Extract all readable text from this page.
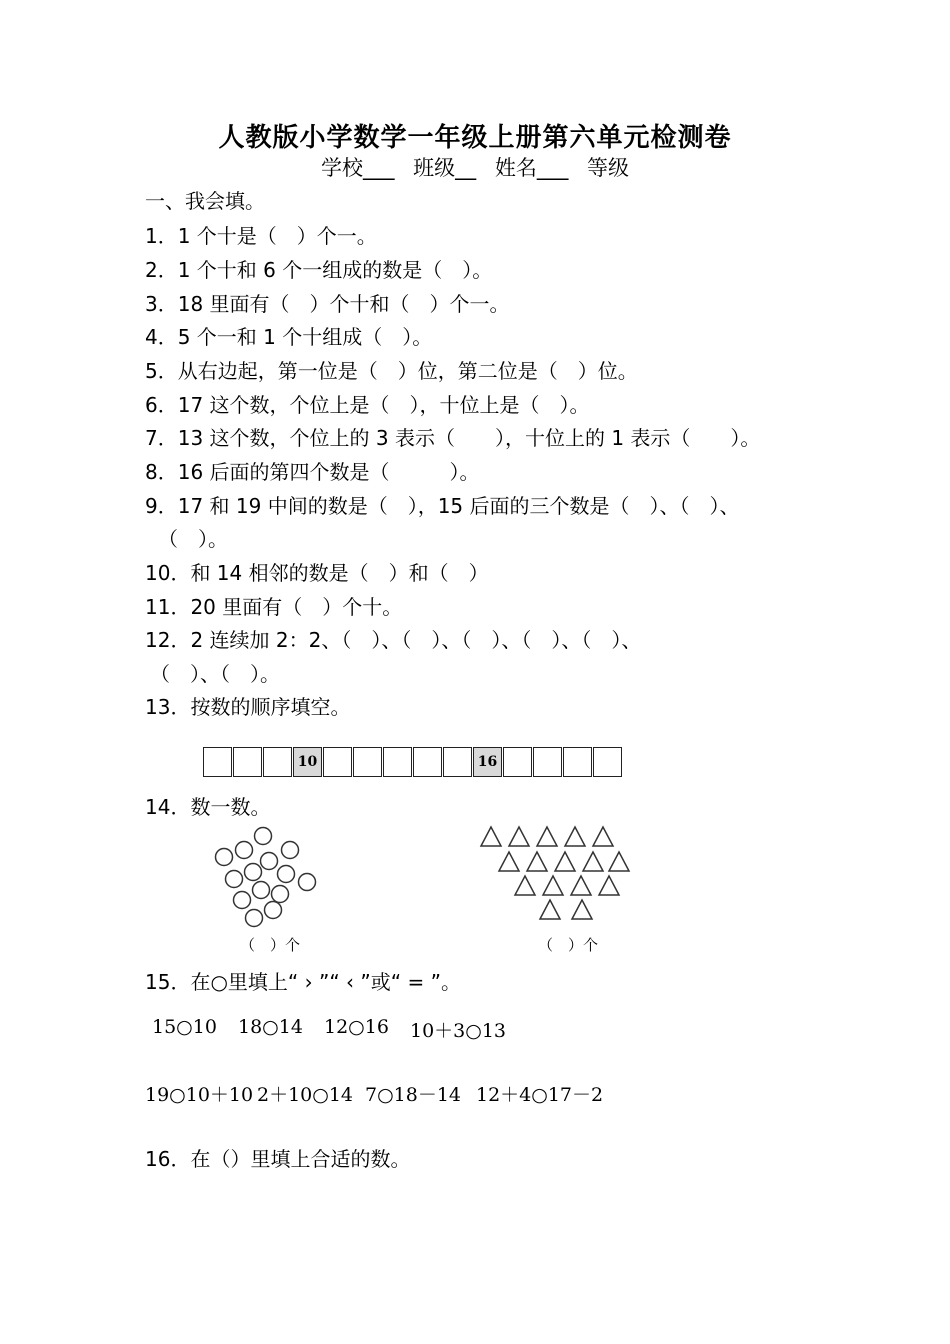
人教版小学数学一年级上册第六单元检测卷
学校___ 班级__ 姓名___ 等级
一、我会填。
1．1 个十是（　）个一。
2．1 个十和 6 个一组成的数是（　）。
3．18 里面有（　）个十和（　）个一。
4．5 个一和 1 个十组成（　）。
5．从右边起，第一位是（　）位，第二位是（　）位。
6．17 这个数，个位上是（　），十位上是（　）。
7．13 这个数，个位上的 3 表示（　　），十位上的 1 表示（　　）。
8．16 后面的第四个数是（　　　）。
9．17 和 19 中间的数是（　），15 后面的三个数是（　）、（　）、
（　）。
10．和 14 相邻的数是（　）和（　）
11．20 里面有（　）个十。
12．2 连续加 2：2、（　）、（　）、（　）、（　）、（　）、
（　）、（　）。
13．按数的顺序填空。
10	16
14．数一数。
（　）个	（　）个
15．在○里填上“ › ”“ ‹ ”或“ = ”。
15○10 18○14 12○16 10＋3○13
19○10＋10 2＋10○14 7○18－14 12＋4○17－2
16．在（）里填上合适的数。
